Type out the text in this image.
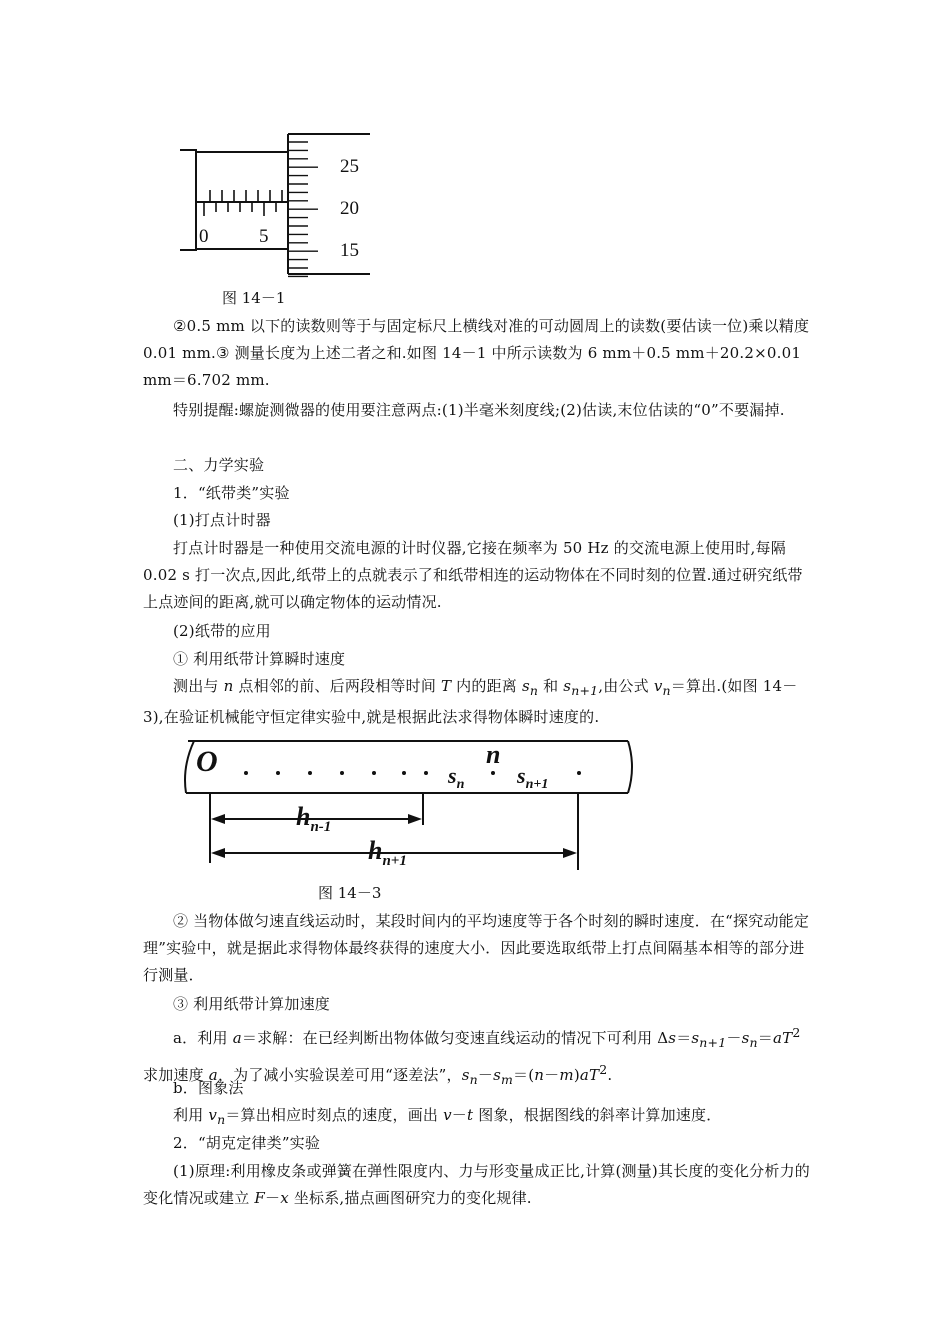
25
20
15
0	5
图 14－1
②0.5 mm 以下的读数则等于与固定标尺上横线对准的可动圆周上的读数(要估读一位)乘以精度 0.01 mm.③ 测量长度为上述二者之和.如图 14－1 中所示读数为 6 mm＋0.5 mm＋20.2×0.01 mm＝6.702 mm.
特别提醒:螺旋测微器的使用要注意两点:(1)半毫米刻度线;(2)估读,末位估读的“0”不要漏掉.
二、力学实验
1．“纸带类”实验
(1)打点计时器
打点计时器是一种使用交流电源的计时仪器,它接在频率为 50 Hz 的交流电源上使用时,每隔 0.02 s 打一次点,因此,纸带上的点就表示了和纸带相连的运动物体在不同时刻的位置.通过研究纸带上点迹间的距离,就可以确定物体的运动情况.
(2)纸带的应用
① 利用纸带计算瞬时速度
测出与 n 点相邻的前、后两段相等时间 T 内的距离 $s_n$ 和 $s_{n+1}$,由公式 $v_n=$算出.(如图 14－3),在验证机械能守恒定律实验中,就是根据此法求得物体瞬时速度的.
O	$s_n$
n
$s_{n+1}$
$h_{n-1}$
$h_{n+1}$
图 14－3
② 当物体做匀速直线运动时，某段时间内的平均速度等于各个时刻的瞬时速度．在“探究动能定理”实验中，就是据此求得物体最终获得的速度大小．因此要选取纸带上打点间隔基本相等的部分进行测量．
③ 利用纸带计算加速度
a．利用 a＝求解：在已经判断出物体做匀变速直线运动的情况下可利用 $\Delta s=s_{n+1}-s_n=aT^2$求加速度 a，为了减小实验误差可用“逐差法”，$s_n-s_m=(n-m)aT^2$.
b．图象法
利用 $v_n=$算出相应时刻点的速度，画出 v－t 图象，根据图线的斜率计算加速度．
2．“胡克定律类”实验
(1)原理:利用橡皮条或弹簧在弹性限度内、力与形变量成正比,计算(测量)其长度的变化分析力的变化情况或建立 F－x 坐标系,描点画图研究力的变化规律.
